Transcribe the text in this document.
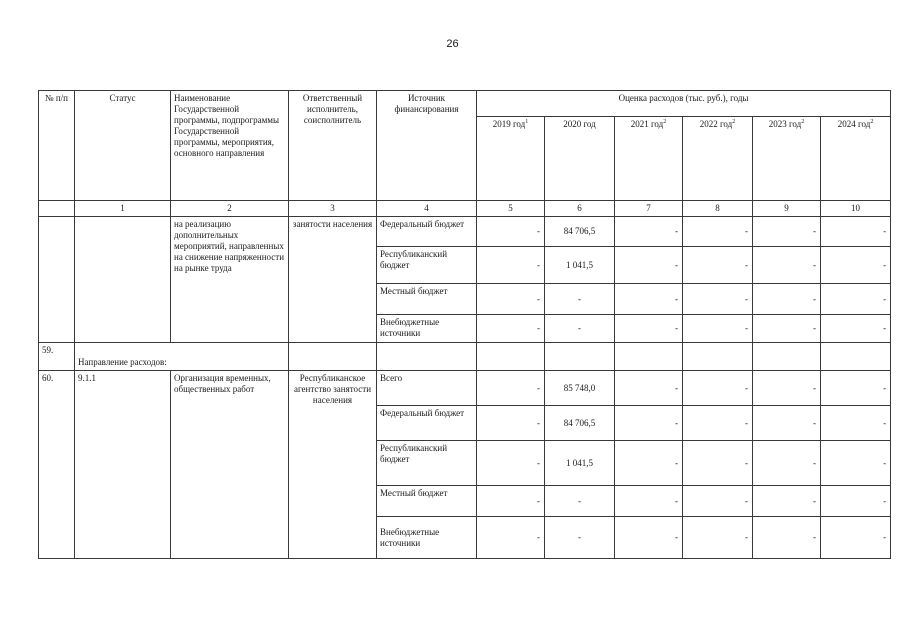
26
№ п/п	Статус	Наименование Государственной программы, подпрограммы Государственной программы, мероприятия, основного направления	Ответственный исполнитель, соисполнитель	Источник финансирования	Оценка расходов (тыс. руб.), годы					
					2019 год$^1$	2020 год	2021 год$^2$	2022 год$^2$	2023 год$^2$	2024 год$^2$
	1	2	3	4	5	6	7	8	9	10
		на реализацию дополнительных мероприятий, направленных на снижение напряженности на рынке труда	занятости населения	Федеральный бюджет	-	84 706,5	-	-	-	-
				Республиканский бюджет	-	1 041,5	-	-	-	-
				Местный бюджет	-	-	-	-	-	-
				Внебюджетные источники	-	-	-	-	-	-
59.	Направление расходов:									
60.	9.1.1	Организация временных, общественных работ	Республиканское агентство занятости населения	Всего	-	85 748,0	-	-	-	-
				Федеральный бюджет	-	84 706,5	-	-	-	-
				Республиканский бюджет	-	1 041,5	-	-	-	-
				Местный бюджет	-	-	-	-	-	-
				Внебюджетные источники	-	-	-	-	-	-
